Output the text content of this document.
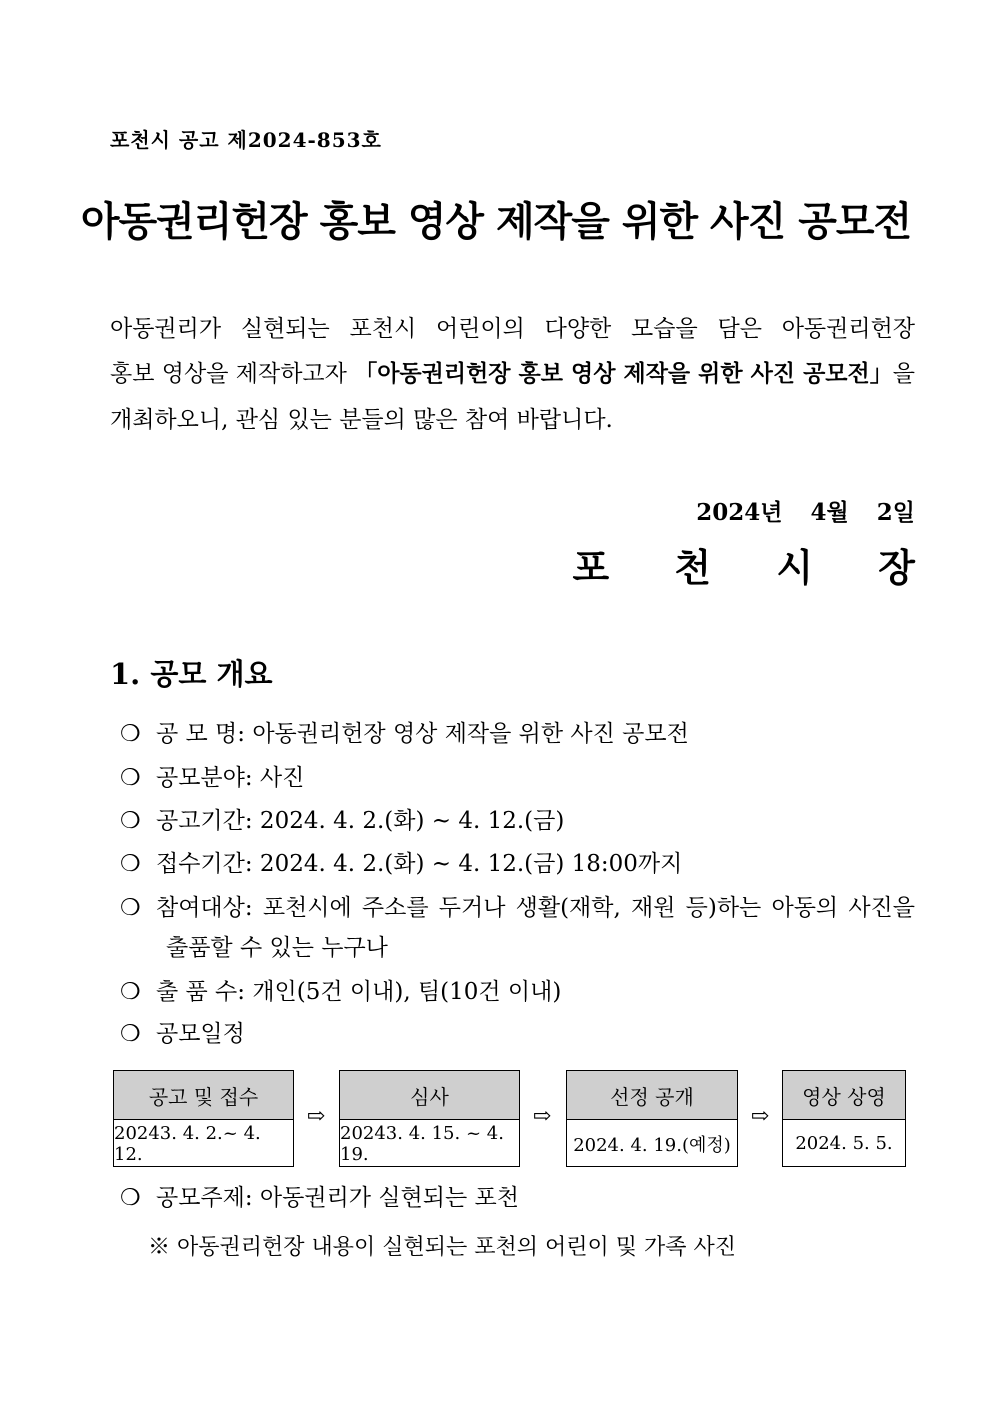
포천시 공고 제2024-853호
아동권리헌장 홍보 영상 제작을 위한 사진 공모전
아동권리가 실현되는 포천시 어린이의 다양한 모습을 담은 아동권리헌장
홍보 영상을 제작하고자 「아동권리헌장 홍보 영상 제작을 위한 사진 공모전」을
개최하오니, 관심 있는 분들의 많은 참여 바랍니다.
2024년 4월 2일
포 천 시 장
1. 공모 개요
❍ 공 모 명: 아동권리헌장 영상 제작을 위한 사진 공모전
❍ 공모분야: 사진
❍ 공고기간: 2024. 4. 2.(화) ~ 4. 12.(금)
❍ 접수기간: 2024. 4. 2.(화) ~ 4. 12.(금) 18:00까지
❍ 참여대상: 포천시에 주소를 두거나 생활(재학, 재원 등)하는 아동의 사진을
출품할 수 있는 누구나
❍ 출 품 수: 개인(5건 이내), 팀(10건 이내)
❍ 공모일정
공고 및 접수
20243. 4. 2.~ 4. 12.
⇨
심사
20243. 4. 15. ~ 4. 19.
⇨
선정 공개
2024. 4. 19.(예정)
⇨
영상 상영
2024. 5. 5.
❍ 공모주제: 아동권리가 실현되는 포천
※ 아동권리헌장 내용이 실현되는 포천의 어린이 및 가족 사진
